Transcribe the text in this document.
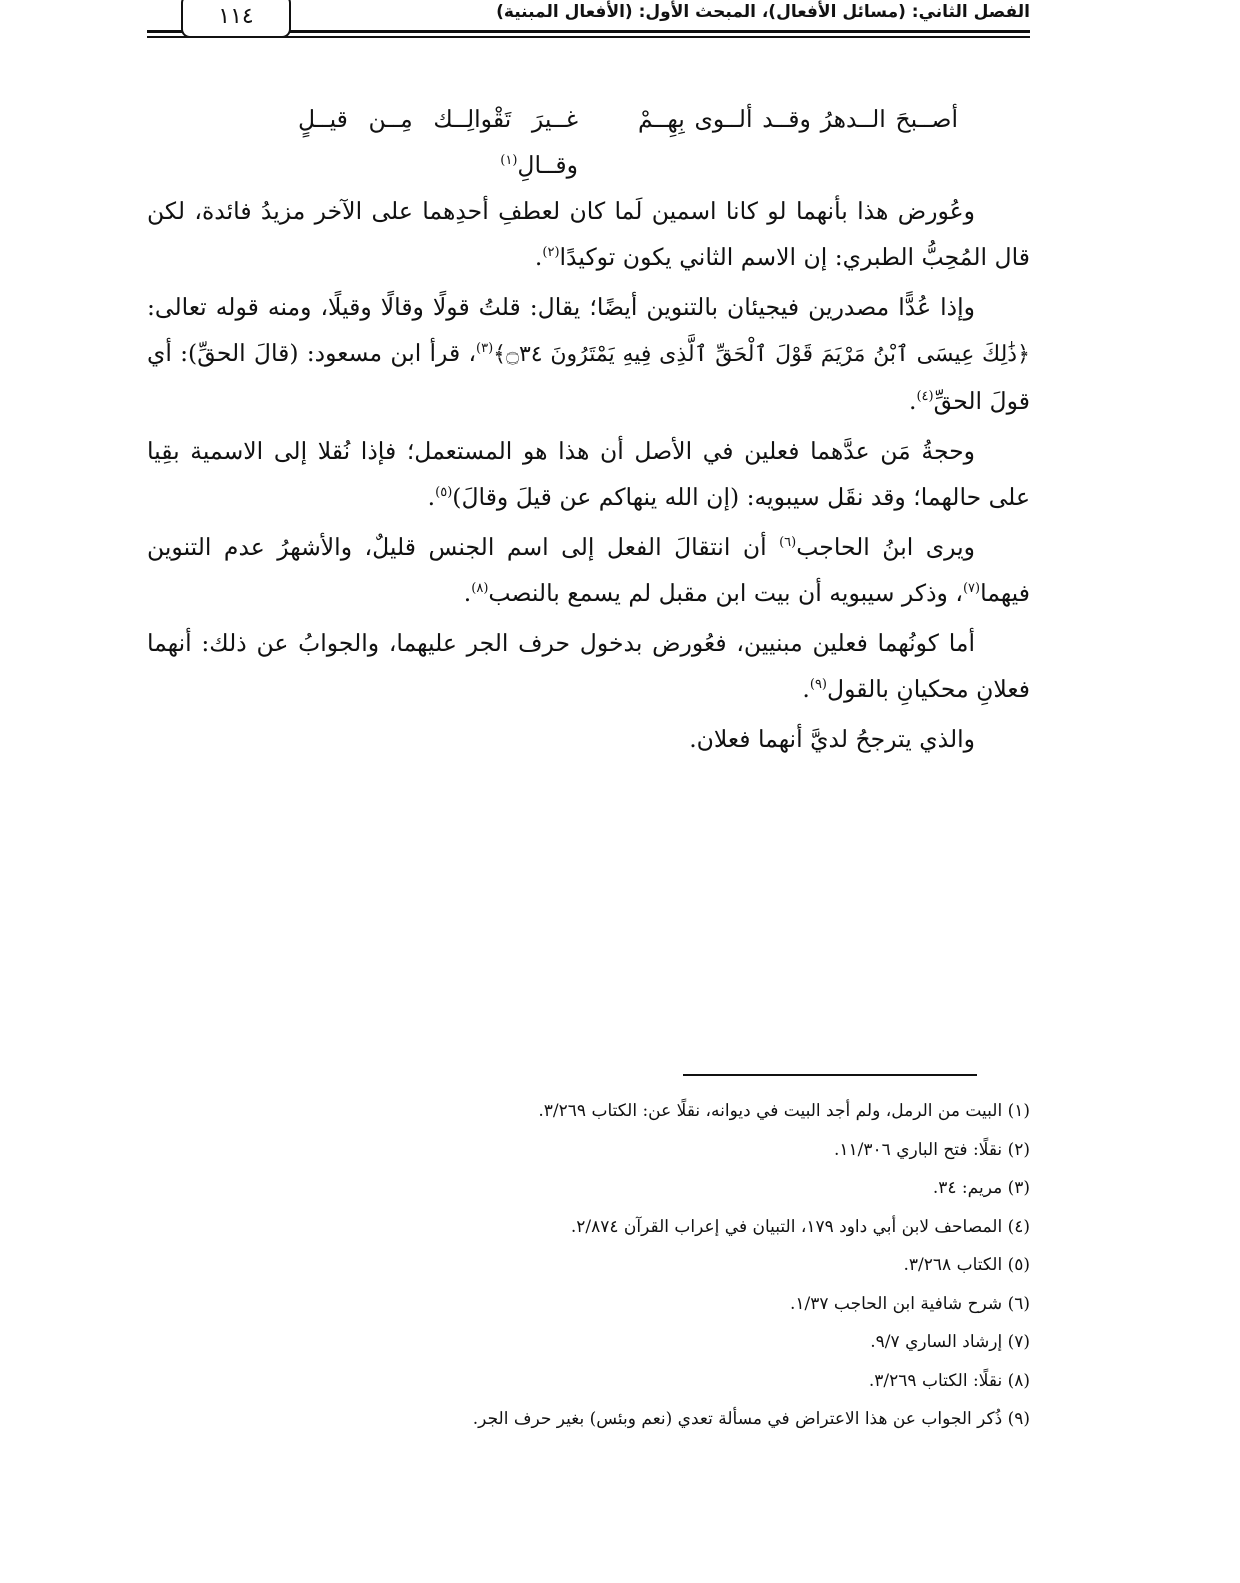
الفصل الثاني: (مسائل الأفعال)، المبحث الأول: (الأفعال المبنية)
١١٤
أصــبحَ الــدهرُ وقــد ألــوى بِهِــمْ
غــيرَ تَقْوالِــك مِــن قيــلٍ وقــالِ$^{(١)}$

وعُورض هذا بأنهما لو كانا اسمين لَما كان لعطفِ أحدِهما على الآخر مزيدُ فائدة، لكن قال المُحِبُّ الطبري: إن الاسم الثاني يكون توكيدًا$^{(٢)}$.

وإذا عُدًّا مصدرين فيجيئان بالتنوين أيضًا؛ يقال: قلتُ قولًا وقالًا وقيلًا، ومنه قوله تعالى: ﴿ذَٰلِكَ عِيسَى ٱبْنُ مَرْيَمَ قَوْلَ ٱلْحَقِّ ٱلَّذِى فِيهِ يَمْتَرُونَ ۝٣٤﴾$^{(٣)}$، قرأ ابن مسعود: (قالَ الحقِّ): أي قولَ الحقِّ$^{(٤)}$.

وحجةُ مَن عدَّهما فعلين في الأصل أن هذا هو المستعمل؛ فإذا نُقلا إلى الاسمية بقِيا على حالهما؛ وقد نقَل سيبويه: (إن الله ينهاكم عن قيلَ وقالَ)$^{(٥)}$.

ويرى ابنُ الحاجب$^{(٦)}$ أن انتقالَ الفعل إلى اسم الجنس قليلٌ، والأشهرُ عدم التنوين فيهما$^{(٧)}$، وذكر سيبويه أن بيت ابن مقبل لم يسمع بالنصب$^{(٨)}$.

أما كونُهما فعلين مبنيين، فعُورض بدخول حرف الجر عليهما، والجوابُ عن ذلك: أنهما فعلانِ محكيانِ بالقول$^{(٩)}$.

والذي يترجحُ لديَّ أنهما فعلان.

(١) البيت من الرمل، ولم أجد البيت في ديوانه، نقلًا عن: الكتاب ٣/٢٦٩.

(٢) نقلًا: فتح الباري ١١/٣٠٦.

(٣) مريم: ٣٤.

(٤) المصاحف لابن أبي داود ١٧٩، التبيان في إعراب القرآن ٢/٨٧٤.

(٥) الكتاب ٣/٢٦٨.

(٦) شرح شافية ابن الحاجب ١/٣٧.

(٧) إرشاد الساري ٩/٧.

(٨) نقلًا: الكتاب ٣/٢٦٩.

(٩) ذُكر الجواب عن هذا الاعتراض في مسألة تعدي (نعم وبئس) بغير حرف الجر.
